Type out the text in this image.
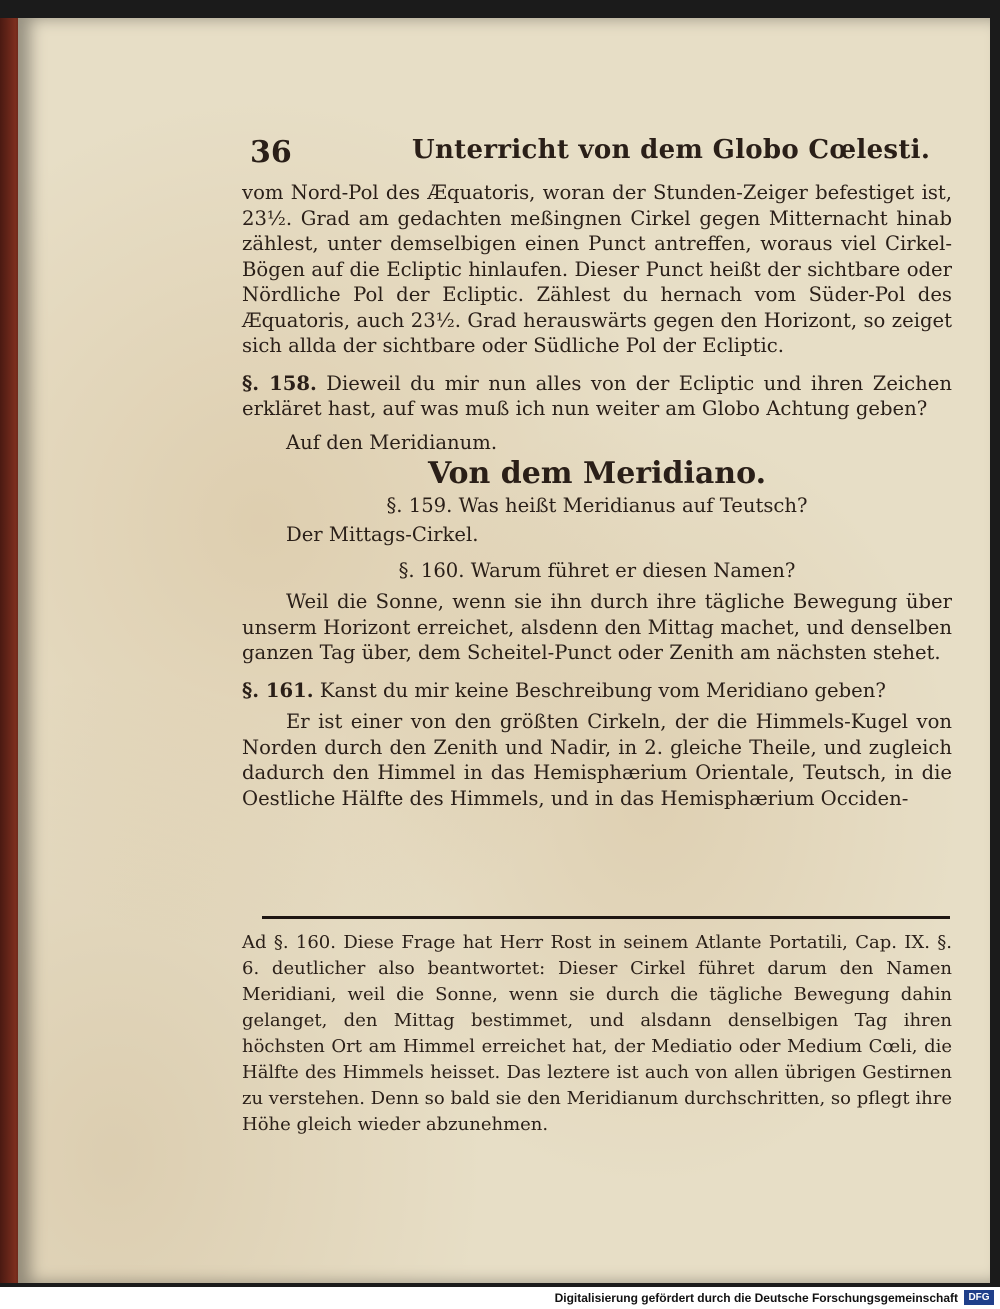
36	Unterricht von dem Globo Cœlesti.

vom Nord-Pol des Æquatoris, woran der Stunden-Zeiger befestiget ist, 23½. Grad am gedachten meßingnen Cirkel gegen Mitternacht hinab zählest, unter demselbigen einen Punct antreffen, woraus viel Cirkel-Bögen auf die Ecliptic hinlaufen. Dieser Punct heißt der sichtbare oder Nördliche Pol der Ecliptic. Zählest du hernach vom Süder-Pol des Æquatoris, auch 23½. Grad herauswärts gegen den Horizont, so zeiget sich allda der sichtbare oder Südliche Pol der Ecliptic.

§. 158. Dieweil du mir nun alles von der Ecliptic und ihren Zeichen erkläret hast, auf was muß ich nun weiter am Globo Achtung geben?

Auf den Meridianum.

Von dem Meridiano.

§. 159. Was heißt Meridianus auf Teutsch?

Der Mittags-Cirkel.

§. 160. Warum führet er diesen Namen?

Weil die Sonne, wenn sie ihn durch ihre tägliche Bewegung über unserm Horizont erreichet, alsdenn den Mittag machet, und denselben ganzen Tag über, dem Scheitel-Punct oder Zenith am nächsten stehet.

§. 161. Kanst du mir keine Beschreibung vom Meridiano geben?

Er ist einer von den größten Cirkeln, der die Himmels-Kugel von Norden durch den Zenith und Nadir, in 2. gleiche Theile, und zugleich dadurch den Himmel in das Hemisphærium Orientale, Teutsch, in die Oestliche Hälfte des Himmels, und in das Hemisphærium Occiden-

Ad §. 160. Diese Frage hat Herr Rost in seinem Atlante Portatili, Cap. IX. §. 6. deutlicher also beantwortet: Dieser Cirkel führet darum den Namen Meridiani, weil die Sonne, wenn sie durch die tägliche Bewegung dahin gelanget, den Mittag bestimmet, und alsdann denselbigen Tag ihren höchsten Ort am Himmel erreichet hat, der Mediatio oder Medium Cœli, die Hälfte des Himmels heisset. Das leztere ist auch von allen übrigen Gestirnen zu verstehen. Denn so bald sie den Meridianum durchschritten, so pflegt ihre Höhe gleich wieder abzunehmen.

Digitalisierung gefördert durch die Deutsche Forschungsgemeinschaft	DFG
